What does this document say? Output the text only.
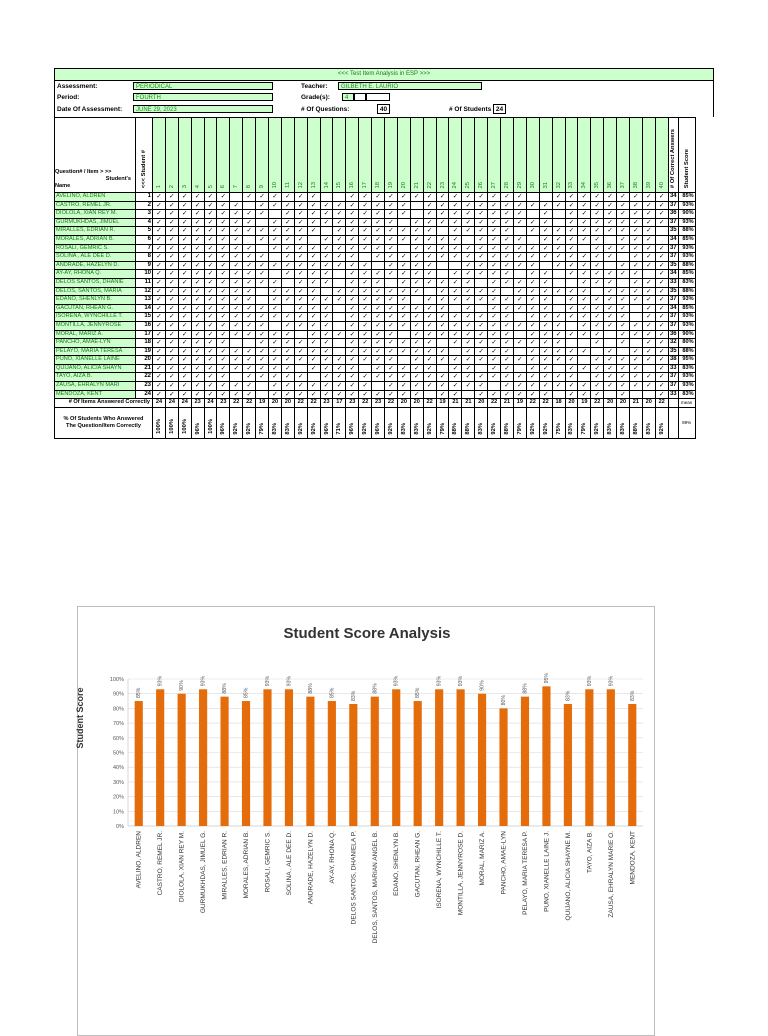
<<< Test Item Analysis in ESP >>>
Assessment:	PERIODICAL
Period:	FOURTH
Date Of Assessment:	JUNE 29, 2023
Teacher:	GILBETH E. LAURIO
Grade(s):	4
# Of Questions:	40	# Of Students 24
Question# / Item > >>
Student's
Name	<<< Student #	1	2	3	4	5	6	7	8	9	10	11	12	13	14	15	16	17	18	19	20	21	22	23	24	25	26	27	28	29	30	31	32	33	34	35	36	37	38	39	40	# Of Correct Answers	Student Score
AVELINO, ALDREN	1	✓	✓	✓	✓	✓	✓		✓	✓	✓	✓	✓	✓			✓	✓	✓	✓	✓	✓	✓	✓	✓	✓	✓	✓	✓	✓			✓	✓	✓	✓	✓	✓	✓	✓	✓	34	85%
CASTRO, REMEL JR.	2	✓	✓	✓	✓	✓	✓	✓		✓	✓	✓	✓	✓	✓	✓	✓	✓	✓	✓	✓		✓	✓	✓	✓	✓	✓	✓	✓	✓	✓	✓	✓	✓	✓	✓	✓	✓	✓	✓	37	93%
DIOLOLA, XIAN REY M.	3	✓	✓	✓	✓	✓	✓	✓	✓	✓		✓	✓	✓	✓	✓	✓	✓	✓	✓	✓		✓	✓	✓	✓	✓	✓	✓	✓		✓		✓	✓	✓	✓	✓	✓	✓	✓	36	90%
GURMUKHDAS, JIMUEL	4	✓	✓	✓	✓	✓	✓	✓	✓		✓	✓	✓	✓	✓	✓	✓	✓	✓	✓		✓	✓	✓	✓	✓	✓	✓	✓	✓	✓	✓		✓	✓	✓	✓	✓	✓	✓	✓	37	93%
MIRALLES, EDRIAN R.	5	✓	✓	✓	✓	✓	✓	✓	✓	✓	✓	✓	✓	✓		✓	✓	✓	✓	✓	✓	✓	✓		✓	✓	✓	✓	✓		✓	✓	✓	✓	✓	✓	✓	✓	✓	✓		35	88%
MORALES, ADRIAN B.	6	✓	✓	✓	✓	✓	✓	✓		✓	✓	✓	✓		✓	✓	✓	✓	✓	✓	✓	✓	✓	✓	✓		✓	✓	✓	✓		✓	✓	✓	✓	✓		✓	✓	✓		34	85%
ROSALI, GEMRIC S.	7	✓	✓	✓	✓	✓	✓	✓	✓		✓	✓	✓	✓	✓	✓	✓	✓	✓	✓		✓	✓	✓	✓	✓	✓	✓	✓	✓	✓	✓	✓	✓		✓	✓	✓	✓	✓	✓	37	93%
SOLINA , ALE DEE D.	8	✓	✓	✓	✓	✓	✓	✓	✓	✓		✓	✓	✓	✓	✓	✓		✓	✓	✓	✓	✓	✓	✓	✓	✓	✓	✓	✓	✓	✓	✓	✓	✓	✓	✓		✓	✓	✓	37	93%
ANDRADE, HAZELYN D.	9	✓	✓	✓	✓	✓	✓	✓	✓	✓	✓	✓	✓	✓	✓	✓	✓	✓		✓	✓	✓	✓			✓	✓	✓	✓	✓	✓		✓	✓	✓	✓		✓	✓	✓	✓	35	88%
AY-AY, RHONA Q.	10	✓	✓	✓	✓	✓	✓	✓	✓	✓		✓	✓	✓	✓		✓	✓	✓	✓	✓	✓	✓		✓	✓	✓	✓	✓		✓	✓		✓	✓	✓	✓	✓	✓		✓	34	85%
DELOS SANTOS, DHANIE	11	✓	✓	✓	✓	✓	✓	✓	✓	✓	✓		✓	✓	✓		✓	✓	✓		✓	✓	✓	✓	✓	✓		✓	✓	✓	✓	✓			✓	✓	✓		✓	✓	✓	33	83%
DELOS, SANTOS, MARIA	12	✓	✓	✓	✓	✓	✓	✓	✓		✓	✓	✓	✓		✓	✓	✓	✓	✓	✓	✓		✓	✓	✓	✓	✓		✓	✓	✓	✓	✓	✓		✓	✓	✓	✓	✓	35	88%
EDANO, SHENLYN B.	13	✓	✓	✓	✓	✓	✓	✓	✓		✓	✓	✓	✓	✓	✓	✓	✓	✓	✓	✓		✓	✓	✓	✓	✓	✓	✓	✓	✓	✓		✓	✓	✓	✓	✓	✓	✓	✓	37	93%
GACUTAN, RHEAN G.	14	✓	✓	✓	✓	✓	✓	✓	✓	✓	✓		✓	✓	✓		✓	✓	✓	✓	✓	✓	✓	✓		✓		✓	✓	✓	✓	✓		✓	✓	✓	✓	✓		✓	✓	34	85%
ISORENA, WYNCHILLE T.	15	✓	✓	✓	✓	✓	✓	✓	✓	✓	✓	✓	✓	✓	✓		✓	✓	✓	✓	✓	✓	✓	✓	✓	✓	✓	✓	✓		✓	✓	✓	✓	✓	✓	✓	✓		✓	✓	37	93%
MONTILLA, JENNYROSE	16	✓	✓	✓	✓	✓	✓	✓	✓	✓		✓	✓	✓	✓		✓	✓	✓	✓	✓	✓	✓	✓	✓	✓	✓	✓	✓	✓	✓	✓	✓		✓	✓	✓	✓	✓	✓	✓	37	93%
MORAL, MARIZ A.	17	✓	✓	✓	✓	✓	✓	✓	✓	✓	✓	✓		✓	✓	✓	✓	✓	✓	✓		✓	✓	✓	✓	✓	✓	✓	✓		✓	✓	✓	✓	✓	✓		✓	✓	✓	✓	36	90%
PANCHO, AMAE-LYN	18	✓	✓	✓	✓	✓	✓			✓	✓	✓	✓	✓	✓		✓	✓	✓	✓	✓	✓	✓		✓	✓	✓	✓	✓	✓	✓	✓	✓			✓		✓		✓	✓	32	80%
PELAYO, MARIA TERESA	19	✓	✓	✓	✓	✓	✓	✓	✓	✓	✓	✓	✓	✓	✓		✓	✓	✓	✓	✓	✓	✓	✓		✓	✓	✓	✓		✓	✓	✓	✓	✓		✓		✓	✓	✓	35	88%
PUNO, XIANELLE LAINE	20	✓	✓	✓	✓	✓	✓	✓	✓	✓	✓	✓	✓	✓	✓	✓	✓	✓	✓	✓		✓	✓	✓	✓	✓	✓	✓	✓	✓	✓	✓	✓	✓		✓	✓	✓	✓	✓	✓	38	95%
QUIJANO, ALICIA SHAYN	21	✓	✓	✓	✓	✓	✓	✓	✓	✓	✓	✓		✓	✓	✓	✓		✓	✓	✓	✓	✓		✓	✓		✓	✓		✓	✓		✓	✓	✓	✓	✓	✓		✓	33	83%
TAYO, AIZA B.	22	✓	✓	✓	✓	✓	✓		✓	✓	✓	✓	✓		✓	✓	✓	✓	✓	✓	✓	✓	✓	✓	✓	✓	✓	✓	✓	✓	✓	✓	✓	✓		✓	✓	✓	✓	✓	✓	37	93%
ZAUSA, EHRALYN MARI	23	✓	✓	✓	✓	✓	✓	✓	✓		✓	✓	✓	✓	✓	✓	✓	✓		✓	✓	✓	✓	✓	✓	✓	✓		✓	✓	✓	✓	✓	✓	✓	✓	✓	✓	✓	✓	✓	37	93%
MENDOZA, KENT	24	✓	✓	✓	✓	✓	✓	✓	✓		✓	✓	✓	✓	✓	✓	✓	✓	✓	✓	✓	✓		✓	✓		✓	✓	✓	✓	✓	✓		✓	✓	✓		✓			✓	33	83%
# Of Items Answered Correctly		24	24	24	23	24	23	22	22	19	20	20	22	22	23	17	23	22	23	22	20	20	22	19	21	21	20	22	21	19	22	22	18	20	19	22	20	20	21	20	22		mean

% Of Students Who Answered
The Question/Item Correctly		100%	100%	100%	96%	100%	96%	92%	92%	79%	83%	83%	92%	92%	96%	71%	96%	92%	96%	92%	83%	83%	92%	79%	88%	88%	83%	92%	88%	79%	92%	92%	75%	83%	79%	92%	83%	83%	88%	83%	92%		89%
Student Score Analysis
Student Score
0%
10%
20%
30%
40%
50%
60%
70%
80%
90%
100%
85%
AVELINO, ALDREN
93%
CASTRO, REMEL JR.
90%
DIOLOLA, XIAN REY M.
93%
GURMUKHDAS, JIMUEL G.
88%
MIRALLES, EDRIAN R.
85%
MORALES, ADRIAN B.
93%
ROSALI, GEMRIC S.
93%
SOLINA , ALE DEE D.
88%
ANDRADE, HAZELYN D.
85%
AY-AY, RHONA Q.
83%
DELOS SANTOS, DHANIELA P.
88%
DELOS, SANTOS, MARIAN ANGEL B.
93%
EDANO, SHENLYN B.
85%
GACUTAN, RHEAN G.
93%
ISORENA, WYNCHILLE T.
93%
MONTILLA, JENNYROSE D.
90%
MORAL, MARIZ A.
80%
PANCHO, AMAE-LYN
88%
PELAYO, MARIA TERESA P.
95%
PUNO, XIANELLE LAINE J.
83%
QUIJANO, ALICIA SHAYNE M.
93%
TAYO, AIZA B.
93%
ZAUSA, EHRALYN MARIE O.
83%
MENDOZA, KENT
